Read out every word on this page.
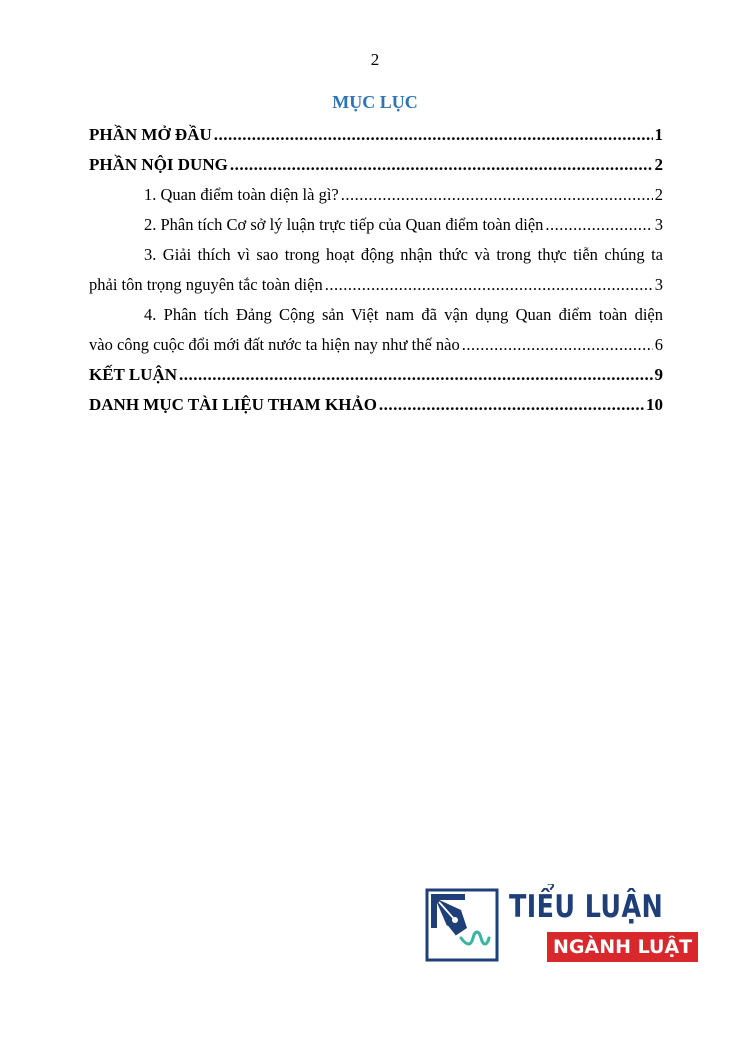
2
MỤC LỤC
PHẦN MỞ ĐẦU .....	1
PHẦN NỘI DUNG .....	2
1. Quan điểm toàn diện là gì? .....	2
2. Phân tích Cơ sở lý luận trực tiếp của Quan điểm toàn diện .....	3
3. Giải thích vì sao trong hoạt động nhận thức và trong thực tiễn chúng ta
phải tôn trọng nguyên tắc toàn diện .....	3
4. Phân tích Đảng Cộng sản Việt nam đã vận dụng Quan điểm toàn diện
vào công cuộc đổi mới đất nước ta hiện nay như thế nào .....	6
KẾT LUẬN .....	9
DANH MỤC TÀI LIỆU THAM KHẢO .....	10
TIỂU LUẬN
NGÀNH LUẬT
